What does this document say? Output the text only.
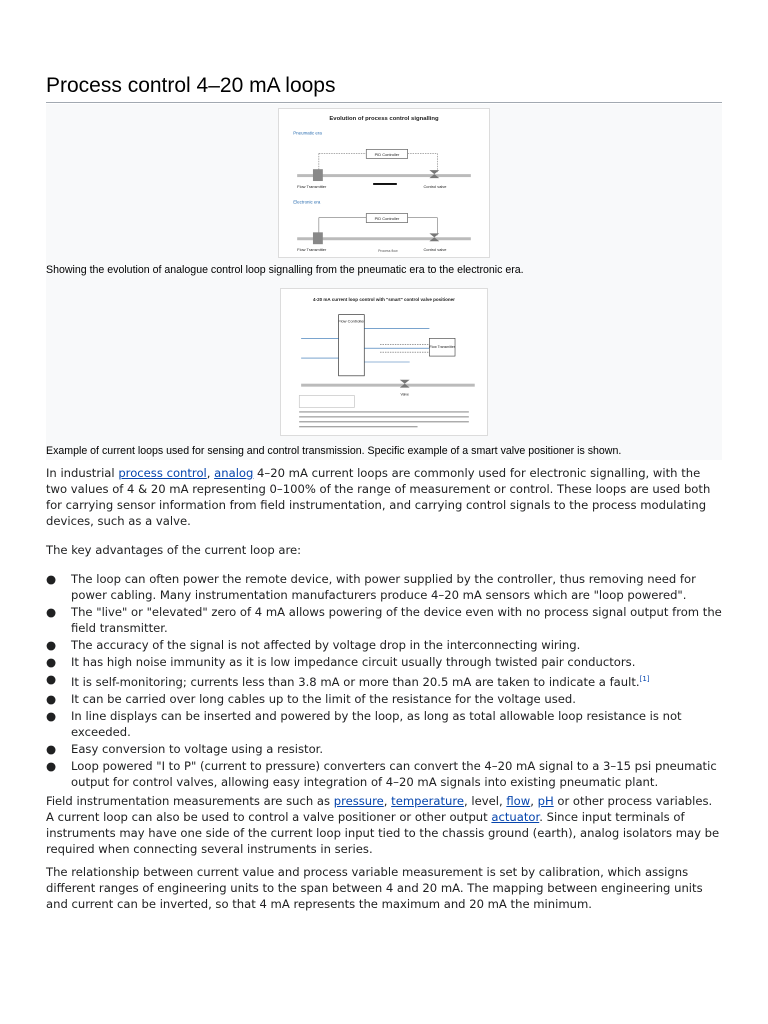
Process control 4–20 mA loops
Evolution of process control signalling
Pneumatic era
PID Controller
Flow Transmitter	Control valve
Electronic era
PID Controller
Flow Transmitter	Control valve
Process flow

Showing the evolution of analogue control loop signalling from the pneumatic era to the electronic era.

4-20 mA current loop control with "smart" control valve positioner
Flow Controller
Flow Transmitter
Valve

Example of current loops used for sensing and control transmission. Specific example of a smart valve positioner is shown.

In industrial process control, analog 4–20 mA current loops are commonly used for electronic signalling, with the two values of 4 & 20 mA representing 0–100% of the range of measurement or control. These loops are used both for carrying sensor information from field instrumentation, and carrying control signals to the process modulating devices, such as a valve.

The key advantages of the current loop are:

● The loop can often power the remote device, with power supplied by the controller, thus removing need for power cabling. Many instrumentation manufacturers produce 4–20 mA sensors which are "loop powered".
● The "live" or "elevated" zero of 4 mA allows powering of the device even with no process signal output from the field transmitter.
● The accuracy of the signal is not affected by voltage drop in the interconnecting wiring.
● It has high noise immunity as it is low impedance circuit usually through twisted pair conductors.
● It is self-monitoring; currents less than 3.8 mA or more than 20.5 mA are taken to indicate a fault.[1]
● It can be carried over long cables up to the limit of the resistance for the voltage used.
● In line displays can be inserted and powered by the loop, as long as total allowable loop resistance is not exceeded.
● Easy conversion to voltage using a resistor.
● Loop powered "I to P" (current to pressure) converters can convert the 4–20 mA signal to a 3–15 psi pneumatic output for control valves, allowing easy integration of 4–20 mA signals into existing pneumatic plant.

Field instrumentation measurements are such as pressure, temperature, level, flow, pH or other process variables. A current loop can also be used to control a valve positioner or other output actuator. Since input terminals of instruments may have one side of the current loop input tied to the chassis ground (earth), analog isolators may be required when connecting several instruments in series.

The relationship between current value and process variable measurement is set by calibration, which assigns different ranges of engineering units to the span between 4 and 20 mA. The mapping between engineering units and current can be inverted, so that 4 mA represents the maximum and 20 mA the minimum.
